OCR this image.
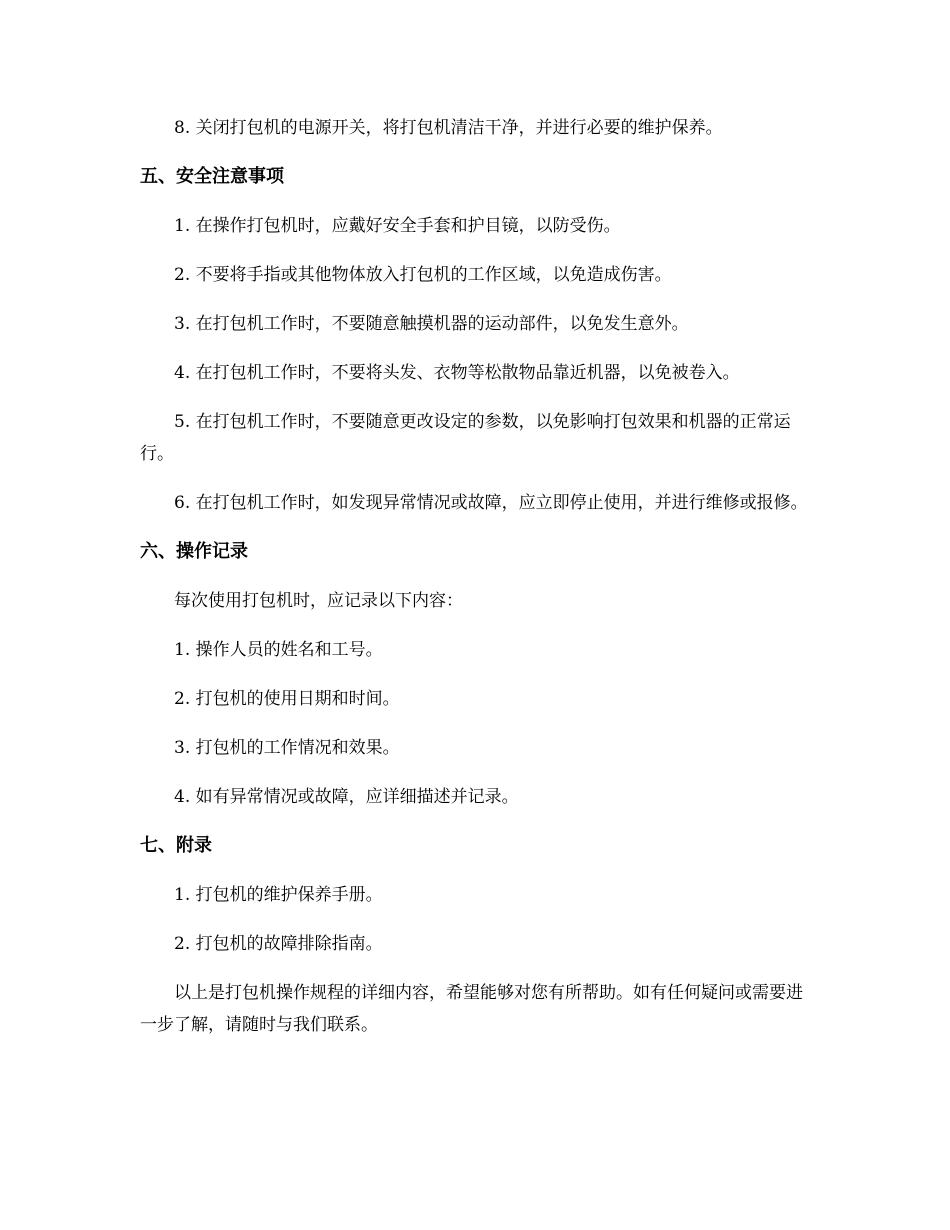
8. 关闭打包机的电源开关，将打包机清洁干净，并进行必要的维护保养。

五、安全注意事项

1. 在操作打包机时，应戴好安全手套和护目镜，以防受伤。

2. 不要将手指或其他物体放入打包机的工作区域，以免造成伤害。

3. 在打包机工作时，不要随意触摸机器的运动部件，以免发生意外。

4. 在打包机工作时，不要将头发、衣物等松散物品靠近机器，以免被卷入。

5. 在打包机工作时，不要随意更改设定的参数，以免影响打包效果和机器的正常运行。

6. 在打包机工作时，如发现异常情况或故障，应立即停止使用，并进行维修或报修。

六、操作记录

每次使用打包机时，应记录以下内容：

1. 操作人员的姓名和工号。

2. 打包机的使用日期和时间。

3. 打包机的工作情况和效果。

4. 如有异常情况或故障，应详细描述并记录。

七、附录

1. 打包机的维护保养手册。

2. 打包机的故障排除指南。

以上是打包机操作规程的详细内容，希望能够对您有所帮助。如有任何疑问或需要进一步了解，请随时与我们联系。
